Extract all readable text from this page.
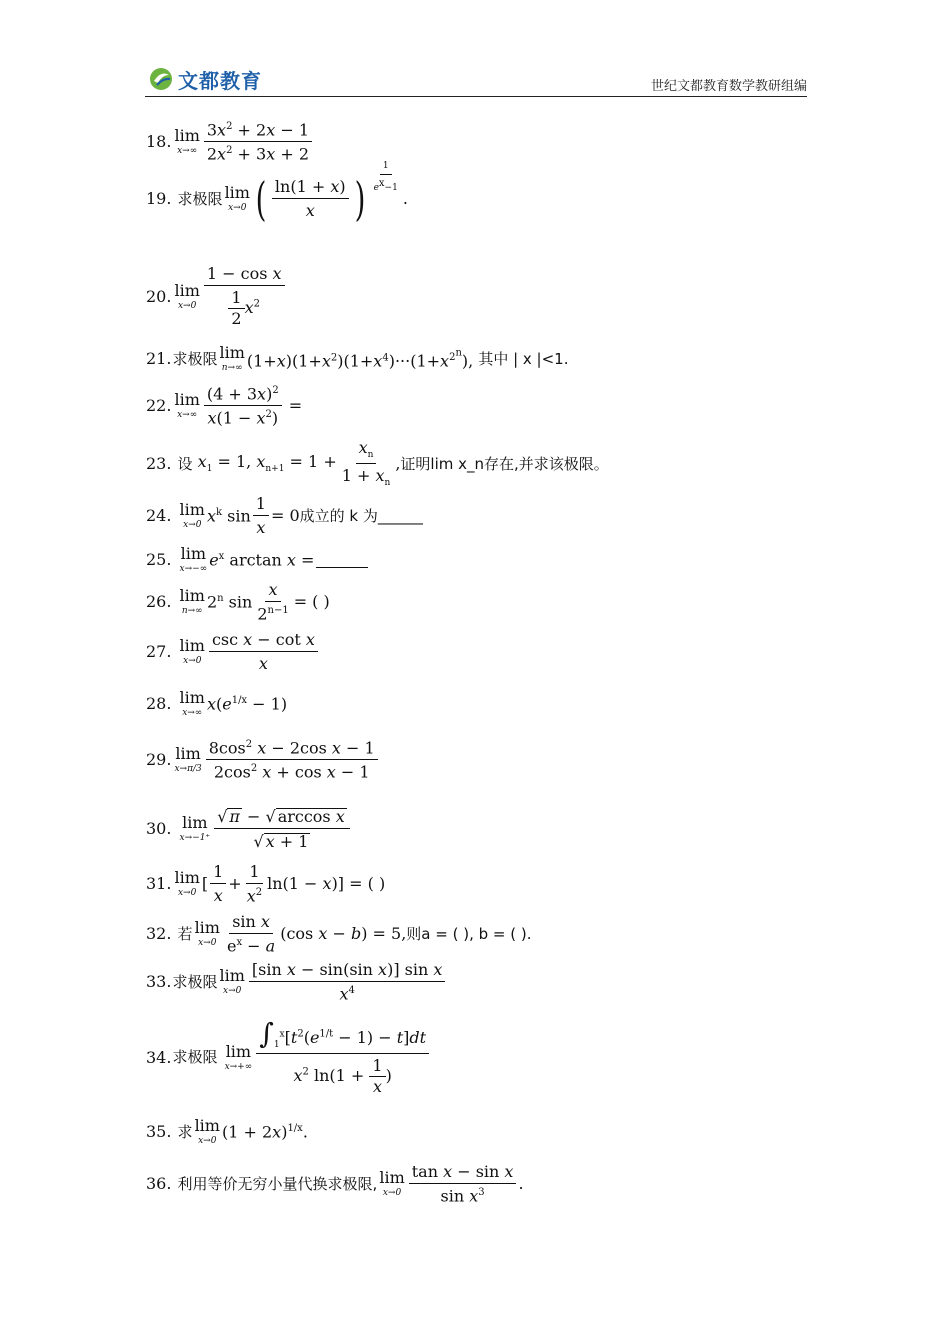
文都教育	世纪文都教育数学教研组编
18. lim
$x\to\infty \frac{3x^2 + 2x - 1}{2x^2 + 3x + 2}$
19.
求极限 lim
x→0 ( $\frac{\ln(1 + x)}{x}$ ) $\frac{1}{e^x-1}$
.
20. lim
$x\to 0 \frac{\text{1 − cos x}}{\frac{1}{2} x^2}$
21. 求极限 lim
n→∞ $(1+x)(1+x^2)(1+x^4)\cdot\cdot\cdot(1+x^{2^n})$,
其中 | x |<1.
22. lim
$x\to\infty \frac{(4 + 3x)^2}{x(1 - x^2)}$ =
23.
设
$x_1 = 1$, $x_{n+1} = 1 + \frac{x_n}{1 + x_n}$ , 证明lim x_n存在,并求该极限。
24.
lim
x→0 $x^k$ $\sin \frac{1}{x} = 0$ 成立的 k 为______
25.
lim
x→−∞ $e^x$ arctan x =
26.
lim
n→∞ 2$^n$ $\sin \frac{x}{2^{n-1}}$ = ( )
27.
lim
$x\to 0 \frac{\text{csc x − cot x}}{x}$
28.
lim
x→∞ $x(e^{1/x} - 1)$
29. lim
$x\to\pi/3 \frac{8\cos^2 x - 2\cos x - 1}{2\cos^2 x + \cos x - 1}$
30.
lim
$x\to-1^+ \frac{\text{√ π − √ arccos x}}{√ x + 1}$
31. lim
x→0 [ $\frac{1}{x} + \frac{1}{x^2} \ln(1 - x)$] = ( )
32.
若 lim
$x\to 0 \frac{\text{sin x}}{e^x - a} (\cos$ x − b) = 5, 则a = ( ), b = ( ).
33. 求极限 lim
$x\to 0 \frac{\text{[sin x − sin(sin x)] sin x}}{x^4}$
34. 求极限
lim
$x\to+\infty \frac{\int_1^x[t^2(e^{1/t} - 1) - t]dt}{x^2 \ln(1 + \frac{1}{x} )}$
35.
求 lim
x→0 $(1 + 2x)^{1/x}$.
36.
利用等价无穷小量代换求极限, lim
$x\to 0 \frac{\text{tan x − sin x}}{\sin x^3}$ .
